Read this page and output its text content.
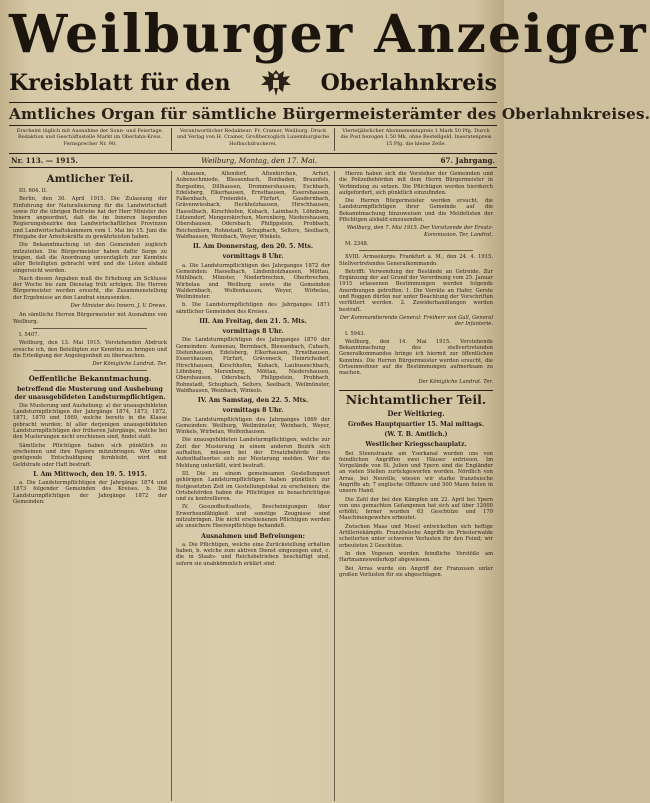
Weilburger Anzeiger
Kreisblatt für den	Oberlahnkreis
Amtliches Organ für sämtliche Bürgermeisterämter des Oberlahnkreises.
Erscheint täglich mit Ausnahme der Sonn- und Feiertage. Redaktion und Geschäftsstelle Markt im Oberlahn-Kreis. Fernsprecher Nr. 90.
Verantwortlicher Redakteur: Fr. Cramer, Weilburg. Druck und Verlag von H. Cramer, Großherzoglich Luxemburgische Hofbuchdruckerei.
Vierteljährlicher Abonnementspreis 1 Mark 50 Pfg. Durch die Post bezogen 1.50 Mk. ohne Bestellgeld. Inseratenpreis 15 Pfg. die kleine Zeile.
Nr. 113. — 1915.	Weilburg, Montag, den 17. Mai.	67. Jahrgang.
Amtlicher Teil.

III. 604. II.

Berlin, den 30. April 1915. Die Zulassung der Einfuhrung der Naturalisierung für die Landwirtschaft sowie für die übrigen Betriebe hat der Herr Minister des Innern angeordnet, daß die im Inneren liegenden Regierungsbezirke den Landwirtschaftlichen Provinzen und Landwirtschaftskammern vom 1. Mai bis 15. Juni die Freigabe der Arbeitskräfte zu gewährleisten haben.

Die Bekanntmachung ist den Gemeinden zugleich mitzuteilen. Die Bürgermeister haben dafür Sorge zu tragen, daß die Anordnung unverzüglich zur Kenntnis aller Beteiligten gebracht wird und die Listen alsbald eingereicht werden.

Nach diesen Angaben muß die Erhebung am Schlusse der Woche bis zum Dienstag früh erfolgen. Die Herren Bürgermeister werden ersucht, die Zusammenstellung der Ergebnisse an den Landrat einzusenden.

Der Minister des Innern. J. V. Drews.

An sämtliche Herren Bürgermeister mit Ausnahme von Weilburg.

I. 5407.

Weilburg, den 13. Mai 1915. Vorstehenden Abdruck ersuche ich, den Beteiligten zur Kenntnis zu bringen und die Erledigung der Angelegenheit zu überwachen.

Der Königliche Landrat. Ter.
Oeffentliche Bekanntmachung.
betreffend die Musterung und Aushebung der unausgebildeten Landsturmpflichtigen.

Die Musterung und Aushebung: a) der unausgebildeten Landsturmpflichtigen der Jahrgänge 1874, 1873, 1872, 1871, 1870 und 1869, welche bereits in die Klasse gebracht wurden; b) aller derjenigen unausgebildeten Landsturmpflichtigen der früheren Jahrgänge, welche bei den Musterungen nicht erschienen sind, findet statt.

Sämtliche Pflichtigen haben sich pünktlich zu erscheinen und ihre Papiere mitzubringen. Wer ohne genügende Entschuldigung fernbleibt, wird mit Geldstrafe oder Haft bestraft.

I. Am Mittwoch, den 19. 5. 1915.

a. Die Landsturmpflichtigen der Jahrgänge 1874 und 1873 folgender Gemeinden des Kreises. b. Die Landsturmpflichtigen der Jahrgänge 1872 der Gemeinden:

Ahausen, Allendorf, Altenkirchen, Arfurt, Aubenschmiede, Blessenbach, Bonbaden, Braunfels, Burgsolms, Dillhausen, Drommershausen, Eschbach, Edelsberg, Elkerhausen, Ernsthausen, Essershausen, Falkenbach, Freienfels, Fürfurt, Gaudernbach, Grävenwiesbach, Heckholzhausen, Hirschhausen, Hasselbach, Kirschhofen, Kubach, Laimbach, Löhnberg, Lützendorf, Mengerskirchen, Merenberg, Niedershausen, Obershausen, Odersbach, Philippstein, Probbach, Reichenborn, Rohnstadt, Schupbach, Selters, Seelbach, Waldhausen, Weinbach, Weyer, Winkels.

II. Am Donnerstag, den 20. 5. Mts.
vormittags 8 Uhr.

a. Die Landsturmpflichtigen des Jahrganges 1872 der Gemeinden: Hasselbach, Lindenholzhausen, Möttau, Mühlbach, Münster, Niederbrechen, Oberbrechen, Wirbelau und Weilburg sowie die Gemeinden Waldernbach, Wolfenhausen, Weyer, Wirbelau, Weilmünster.

b. Die Landsturmpflichtigen des Jahrganges 1871 sämtlicher Gemeinden des Kreises.

III. Am Freitag, den 21. 5. Mts.
vormittags 8 Uhr.

Die Landsturmpflichtigen des Jahrganges 1870 der Gemeinden: Aumenau, Bermbach, Blessenbach, Cubach, Dietenhausen, Edelsberg, Elkerhausen, Ernsthausen, Essershausen, Fürfurt, Gräveneck, Heinrichsdorf, Hirschhausen, Kirschhofen, Kubach, Laubuseschbach, Löhnberg, Merenberg, Möttau, Niedershausen, Obershausen, Odersbach, Philippstein, Probbach, Rohnstadt, Schupbach, Selters, Seelbach, Weilmünster, Waldhausen, Weinbach, Winkels.

IV. Am Samstag, den 22. 5. Mts.
vormittags 8 Uhr.

Die Landsturmpflichtigen des Jahrganges 1869 der Gemeinden: Weilburg, Weilmünster, Weinbach, Weyer, Winkels, Wirbelau, Wolfenhausen.

Die unausgebildeten Landsturmpflichtigen, welche zur Zeit der Musterung in einem anderen Bezirk sich aufhalten, müssen bei der Ersatzbehörde ihres Aufenthaltsortes sich zur Musterung melden. Wer die Meldung unterläßt, wird bestraft.

III. Die zu einem gemeinsamen Gestellungsort gehörigen Landsturmpflichtigen haben pünktlich zur festgesetzten Zeit im Gestellungslokal zu erscheinen; die Ortsbehörden haben die Pflichtigen zu benachrichtigen und zu kontrollieren.

IV. Gesundheitsatteste, Bescheinigungen über Erwerbsunfähigkeit und sonstige Zeugnisse sind mitzubringen. Die nicht erschienenen Pflichtigen werden als unsichere Heerespflichtige behandelt.

Ausnahmen und Befreiungen:

a. Die Pflichtigen, welche eine Zurückstellung erhalten haben, b. welche zum aktiven Dienst eingezogen sind, c. die in Staats- und Reichsbetrieben beschäftigt sind, sofern sie unabkömmlich erklärt sind.

Hierzu haben sich die Vorsteher der Gemeinden und die Polizeibehörden mit dem Herrn Bürgermeister in Verbindung zu setzen. Die Pflichtigen werden hierdurch aufgefordert, sich pünktlich einzufinden.

Die Herren Bürgermeister werden ersucht, die Landsturmpflichtigen ihrer Gemeinde auf die Bekanntmachung hinzuweisen und die Meldelisten der Pflichtigen alsbald einzusenden.

Weilburg, den 7. Mai 1915. Der Vorsitzende der Ersatz-Kommission. Ter, Landrat.

M. 2348.

XVIII. Armeekorps. Frankfurt a. M., den 24. 4. 1915. Stellvertretendes Generalkommando.

Betrifft: Verwendung der Bestände an Getreide. Zur Ergänzung der auf Grund der Verordnung vom 25. Januar 1915 erlassenen Bestimmungen werden folgende Anordnungen getroffen: 1. Die Vorräte an Hafer, Gerste und Roggen dürfen nur unter Beachtung der Vorschriften verfüttert werden. 2. Zuwiderhandlungen werden bestraft.

Der Kommandierende General: Freiherr von Gall, General der Infanterie.

I. 5943.

Weilburg, den 14. Mai 1915. Vorstehende Bekanntmachung des stellvertretenden Generalkommandos bringe ich hiermit zur öffentlichen Kenntnis. Die Herren Bürgermeister werden ersucht, die Ortseinwohner auf die Bestimmungen aufmerksam zu machen.

Der Königliche Landrat. Ter.
Nichtamtlicher Teil.
Der Weltkrieg.
Großes Hauptquartier 15. Mai mittags.
(W. T. B. Amtlich.)
Westlicher Kriegsschauplatz.

Bei Steenstraate am Yserkanal wurden uns von feindlichen Angriffen zwei Häuser entrissen. Im Vorgelände von St. Julien und Ypern sind die Engländer an vielen Stellen zurückgeworfen worden. Nördlich von Arras, bei Neuville, wiesen wir starke französische Angriffe ab; 7 englische Offiziere und 500 Mann fielen in unsere Hand.

Die Zahl der bei den Kämpfen um 22. April bei Ypern von uns gemachten Gefangenen hat sich auf über 12000 erhöht; ferner wurden 63 Geschütze und 170 Maschinengewehre erbeutet.

Zwischen Maas und Mosel entwickelten sich heftige Artilleriekämpfe. Französische Angriffe im Priesterwalde scheiterten unter schweren Verlusten für den Feind; wir erbeuteten 2 Geschütze.

In den Vogesen wurden feindliche Vorstöße am Hartmannsweilerkopf abgewiesen.

Bei Arras wurde ein Angriff der Franzosen unter großen Verlusten für sie abgeschlagen.
